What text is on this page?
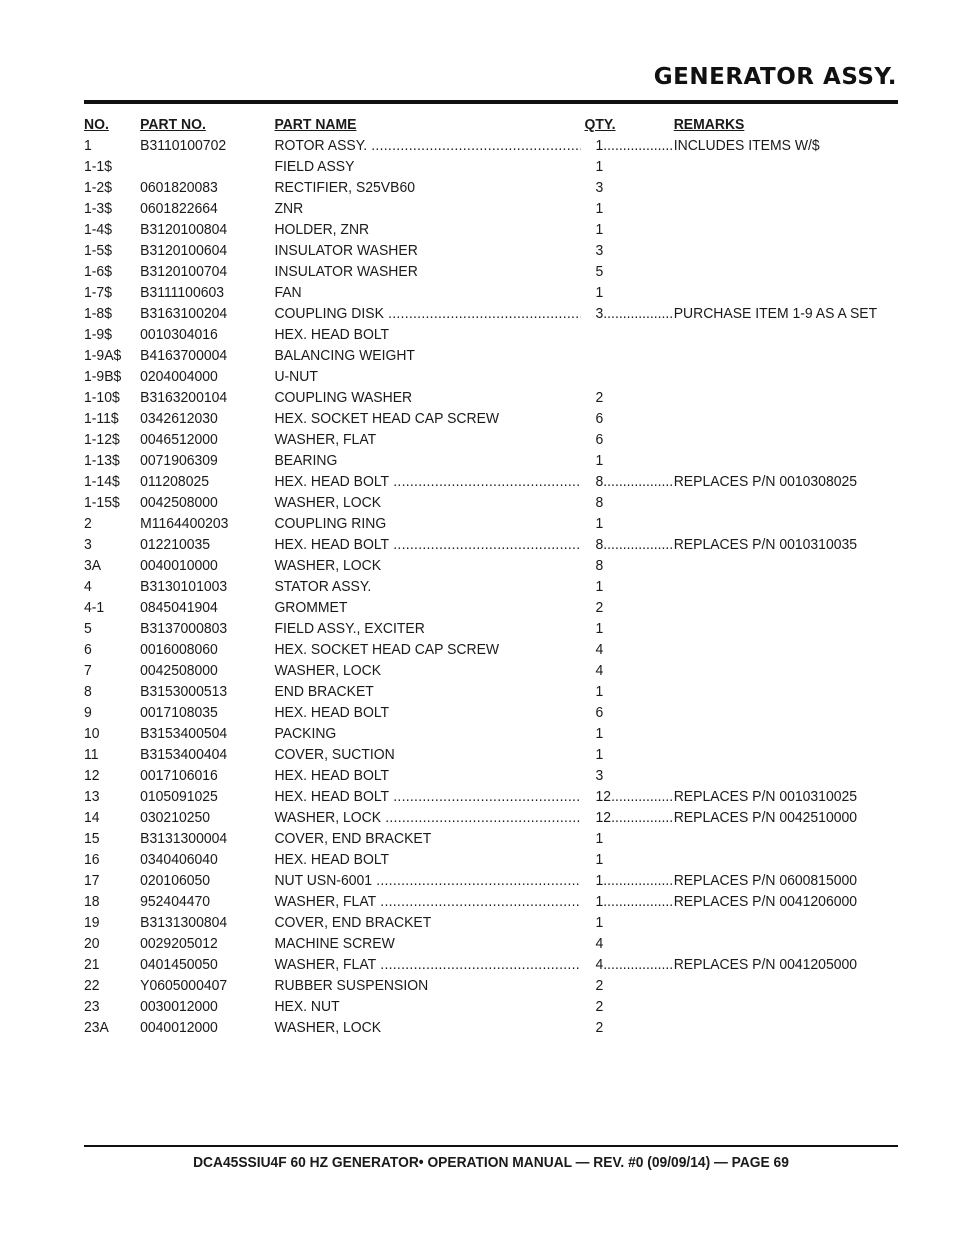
GENERATOR ASSY.
NO. PART NO.	PART NAME	QTY.	REMARKS
1	B3110100702	ROTOR ASSY. .....	1 .....	INCLUDES ITEMS W/$
1-1$	FIELD ASSY	1
1-2$ 0601820083	RECTIFIER, S25VB60	3
1-3$ 0601822664	ZNR	1
1-4$ B3120100804	HOLDER, ZNR	1
1-5$ B3120100604	INSULATOR WASHER	3
1-6$ B3120100704	INSULATOR WASHER	5
1-7$ B3111100603	FAN	1
1-8$ B3163100204	COUPLING DISK .....	3 .....	PURCHASE ITEM 1-9 AS A SET
1-9$ 0010304016	HEX. HEAD BOLT
1-9A$ B4163700004	BALANCING WEIGHT
1-9B$ 0204004000	U-NUT
1-10$ B3163200104	COUPLING WASHER	2
1-11$ 0342612030	HEX. SOCKET HEAD CAP SCREW	6
1-12$ 0046512000	WASHER, FLAT	6
1-13$ 0071906309	BEARING	1
1-14$ 011208025	HEX. HEAD BOLT .....	8 .....	REPLACES P/N 0010308025
1-15$ 0042508000	WASHER, LOCK	8
2	M1164400203	COUPLING RING	1
3	012210035	HEX. HEAD BOLT .....	8 .....	REPLACES P/N 0010310035
3A	0040010000	WASHER, LOCK	8
4	B3130101003	STATOR ASSY.	1
4-1 0845041904	GROMMET	2
5	B3137000803	FIELD ASSY., EXCITER	1
6	0016008060	HEX. SOCKET HEAD CAP SCREW	4
7	0042508000	WASHER, LOCK	4
8	B3153000513	END BRACKET	1
9	0017108035	HEX. HEAD BOLT	6
10	B3153400504	PACKING	1
11	B3153400404	COVER, SUCTION	1
12	0017106016	HEX. HEAD BOLT	3
13	0105091025	HEX. HEAD BOLT .....	12 .....	REPLACES P/N 0010310025
14	030210250	WASHER, LOCK .....	12 .....	REPLACES P/N 0042510000
15	B3131300004	COVER, END BRACKET	1
16	0340406040	HEX. HEAD BOLT	1
17	020106050	NUT USN-6001 .....	1 .....	REPLACES P/N 0600815000
18	952404470	WASHER, FLAT .....	1 .....	REPLACES P/N 0041206000
19	B3131300804	COVER, END BRACKET	1
20	0029205012	MACHINE SCREW	4
21	0401450050	WASHER, FLAT .....	4 .....	REPLACES P/N 0041205000
22	Y0605000407	RUBBER SUSPENSION	2
23	0030012000	HEX. NUT	2
23A 0040012000	WASHER, LOCK	2
DCA45SSIU4F 60 HZ GENERATOR• OPERATION MANUAL — REV. #0 (09/09/14) — PAGE 69
